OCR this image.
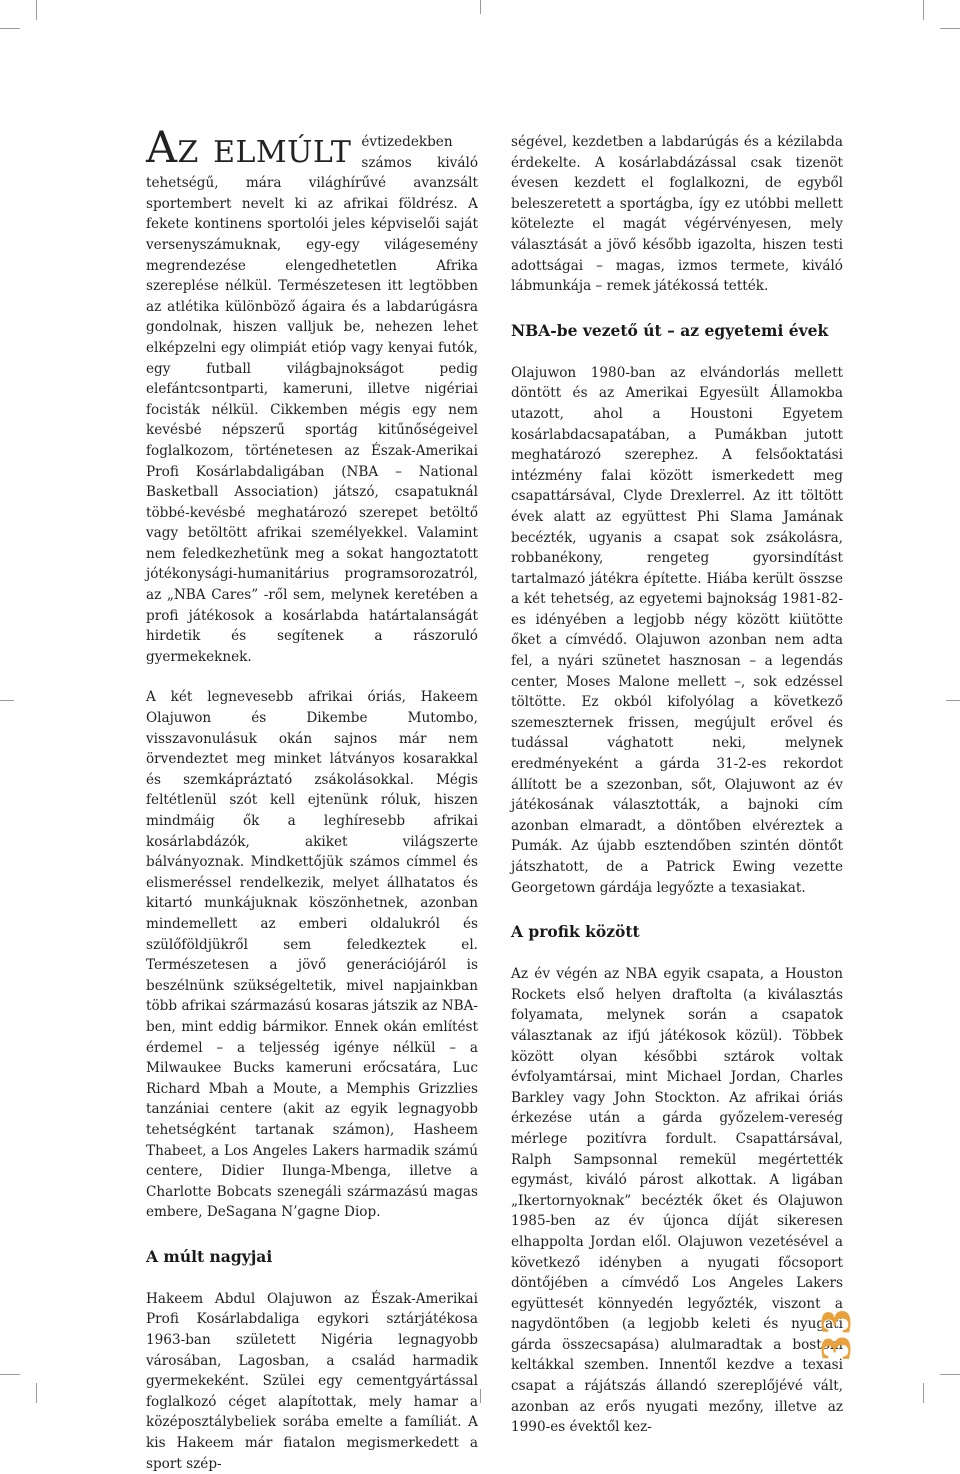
Az elmúlt évtizedekben számos kiváló tehetségű, mára világhírűvé avanzsált sportembert nevelt ki az afrikai földrész. A fekete kontinens sportolói jeles képviselői saját versenyszámuknak, egy-egy világesemény megrendezése elengedhetetlen Afrika szereplése nélkül. Természetesen itt legtöbben az atlétika különböző ágaira és a labdarúgásra gondolnak, hiszen valljuk be, nehezen lehet elképzelni egy olimpiát etióp vagy kenyai futók, egy futball világbajnokságot pedig elefántcsontparti, kameruni, illetve nigériai focisták nélkül. Cikkemben mégis egy nem kevésbé népszerű sportág kitűnőségeivel foglalkozom, történetesen az Észak-Amerikai Profi Kosárlabdaligában (NBA – National Basketball Association) játszó, csapatuknál többé-kevésbé meghatározó szerepet betöltő vagy betöltött afrikai személyekkel. Valamint nem feledkezhetünk meg a sokat hangoztatott jótékonysági-humanitárius programsorozatról, az „NBA Cares” -ről sem, melynek keretében a profi játékosok a kosárlabda határtalanságát hirdetik és segítenek a rászoruló gyermekeknek.

A két legnevesebb afrikai óriás, Hakeem Olajuwon és Dikembe Mutombo, visszavonulásuk okán sajnos már nem örvendeztet meg minket látványos kosarakkal és szemkápráztató zsákolásokkal. Mégis feltétlenül szót kell ejtenünk róluk, hiszen mindmáig ők a leghíresebb afrikai kosárlabdázók, akiket világszerte bálványoznak. Mindkettőjük számos címmel és elismeréssel rendelkezik, melyet állhatatos és kitartó munkájuknak köszönhetnek, azonban mindemellett az emberi oldalukról és szülőföldjükről sem feledkeztek el. Természetesen a jövő generációjáról is beszélnünk szükségeltetik, mivel napjainkban több afrikai származású kosaras játszik az NBA-ben, mint eddig bármikor. Ennek okán említést érdemel – a teljesség igénye nélkül – a Milwaukee Bucks kameruni erőcsatára, Luc Richard Mbah a Moute, a Memphis Grizzlies tanzániai centere (akit az egyik legnagyobb tehetségként tartanak számon), Hasheem Thabeet, a Los Angeles Lakers harmadik számú centere, Didier Ilunga-Mbenga, illetve a Charlotte Bobcats szenegáli származású magas embere, DeSagana N’gagne Diop.

A múlt nagyjai

Hakeem Abdul Olajuwon az Észak-Amerikai Profi Kosárlabdaliga egykori sztárjátékosa 1963-ban született Nigéria legnagyobb városában, Lagosban, a család harmadik gyermekeként. Szülei egy cementgyártással foglalkozó céget alapítottak, mely hamar a középosztálybeliek sorába emelte a famíliát. A kis Hakeem már fiatalon megismerkedett a sport szép-

ségével, kezdetben a labdarúgás és a kézilabda érdekelte. A kosárlabdázással csak tizenöt évesen kezdett el foglalkozni, de egyből beleszeretett a sportágba, így ez utóbbi mellett kötelezte el magát végérvényesen, mely választását a jövő később igazolta, hiszen testi adottságai – magas, izmos termete, kiváló lábmunkája – remek játékossá tették.

NBA-be vezető út – az egyetemi évek

Olajuwon 1980-ban az elvándorlás mellett döntött és az Amerikai Egyesült Államokba utazott, ahol a Houstoni Egyetem kosárlabdacsapatában, a Pumákban jutott meghatározó szerephez. A felsőoktatási intézmény falai között ismerkedett meg csapattársával, Clyde Drexlerrel. Az itt töltött évek alatt az együttest Phi Slama Jamának becézték, ugyanis a csapat sok zsákolásra, robbanékony, rengeteg gyorsindítást tartalmazó játékra építette. Hiába került összse a két tehetség, az egyetemi bajnokság 1981-82-es idényében a legjobb négy között kiütötte őket a címvédő. Olajuwon azonban nem adta fel, a nyári szünetet hasznosan – a legendás center, Moses Malone mellett –, sok edzéssel töltötte. Ez okból kifolyólag a következő szemeszternek frissen, megújult erővel és tudással vághatott neki, melynek eredményeként a gárda 31-2-es rekordot állított be a szezonban, sőt, Olajuwont az év játékosának választották, a bajnoki cím azonban elmaradt, a döntőben elvéreztek a Pumák. Az újabb esztendőben szintén döntőt játszhatott, de a Patrick Ewing vezette Georgetown gárdája legyőzte a texasiakat.

A profik között

Az év végén az NBA egyik csapata, a Houston Rockets első helyen draftolta (a kiválasztás folyamata, melynek során a csapatok választanak az ifjú játékosok közül). Többek között olyan későbbi sztárok voltak évfolyamtársai, mint Michael Jordan, Charles Barkley vagy John Stockton. Az afrikai óriás érkezése után a gárda győzelem-vereség mérlege pozitívra fordult. Csapattársával, Ralph Sampsonnal remekül megértették egymást, kiváló párost alkottak. A ligában „Ikertornyoknak” becézték őket és Olajuwon 1985-ben az év újonca díját sikeresen elhappolta Jordan elől. Olajuwon vezetésével a következő idényben a nyugati főcsoport döntőjében a címvédő Los Angeles Lakers együttesét könnyedén legyőzték, viszont a nagydöntőben (a legjobb keleti és nyugati gárda összecsapása) alulmaradtak a bostoni keltákkal szemben. Innentől kezdve a texasi csapat a rájátszás állandó szereplőjévé vált, azonban az erős nyugati mezőny, illetve az 1990-es évektől kez-

33
